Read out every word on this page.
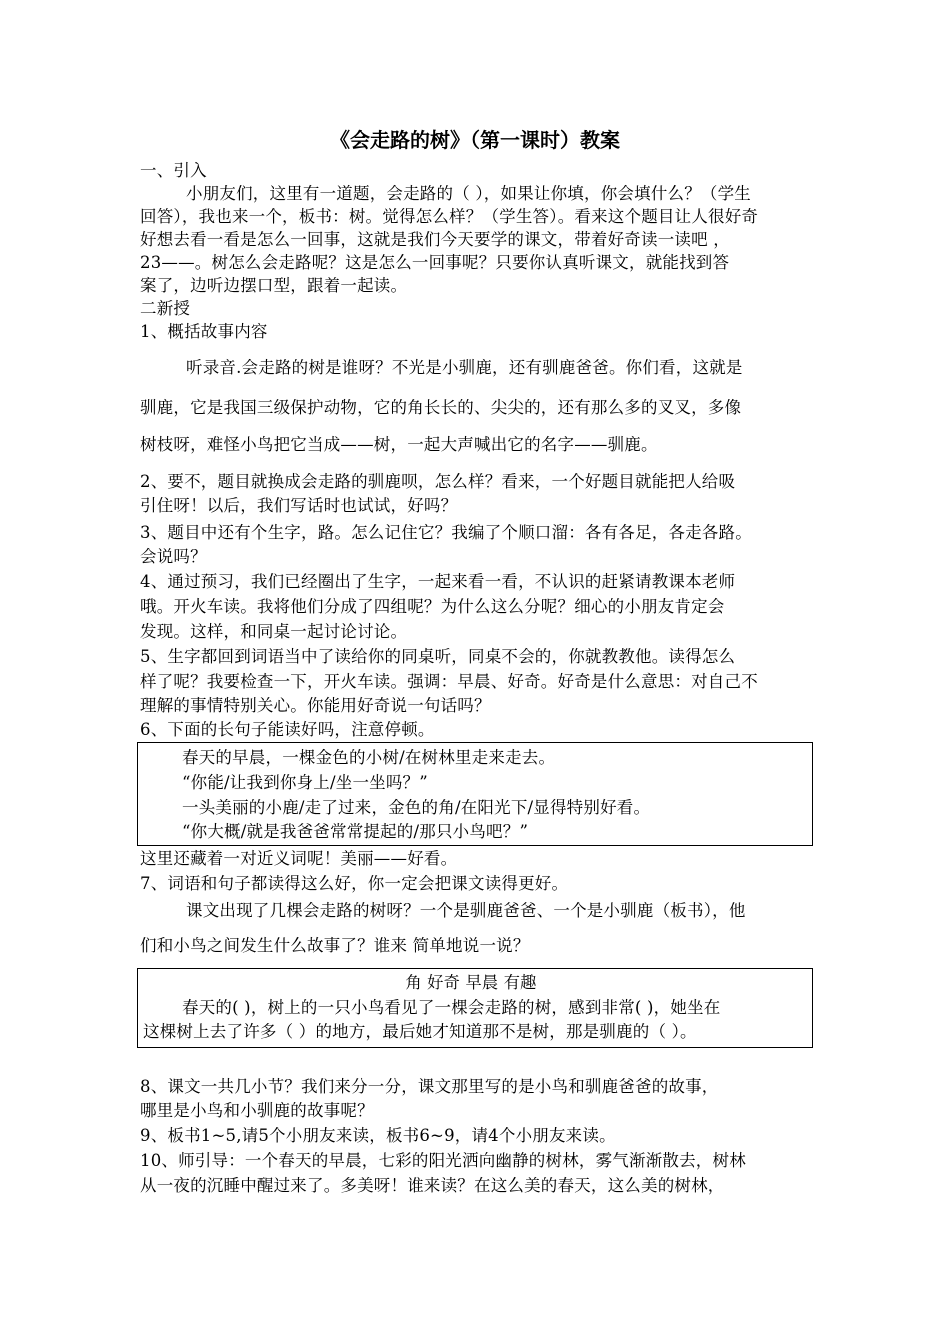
《会走路的树》（第一课时）教案
一、引入
小朋友们，这里有一道题，会走路的（ ），如果让你填，你会填什么？（学生
回答），我也来一个，板书：树。觉得怎么样？（学生答）。看来这个题目让人很好奇
好想去看一看是怎么一回事，这就是我们今天要学的课文，带着好奇读一读吧 ，
23——。树怎么会走路呢？这是怎么一回事呢？只要你认真听课文，就能找到答
案了，边听边摆口型，跟着一起读。
二新授
1、概括故事内容
听录音.会走路的树是谁呀？不光是小驯鹿，还有驯鹿爸爸。你们看，这就是
驯鹿，它是我国三级保护动物，它的角长长的、尖尖的，还有那么多的叉叉，多像
树枝呀，难怪小鸟把它当成——树，一起大声喊出它的名字——驯鹿。
2、要不，题目就换成会走路的驯鹿呗，怎么样？看来，一个好题目就能把人给吸
引住呀！以后，我们写话时也试试，好吗？
3、题目中还有个生字，路。怎么记住它？我编了个顺口溜：各有各足，各走各路。
会说吗？
4、通过预习，我们已经圈出了生字，一起来看一看，不认识的赶紧请教课本老师
哦。开火车读。我将他们分成了四组呢？为什么这么分呢？细心的小朋友肯定会
发现。这样，和同桌一起讨论讨论。
5、生字都回到词语当中了读给你的同桌听，同桌不会的，你就教教他。读得怎么
样了呢？我要检查一下，开火车读。强调：早晨、好奇。好奇是什么意思：对自己不
理解的事情特别关心。你能用好奇说一句话吗？
6、下面的长句子能读好吗，注意停顿。
春天的早晨，一棵金色的小树/在树林里走来走去。
“你能/让我到你身上/坐一坐吗？”
一头美丽的小鹿/走了过来，金色的角/在阳光下/显得特别好看。
“你大概/就是我爸爸常常提起的/那只小鸟吧？”
这里还藏着一对近义词呢！美丽——好看。
7、词语和句子都读得这么好，你一定会把课文读得更好。
课文出现了几棵会走路的树呀？一个是驯鹿爸爸、一个是小驯鹿（板书），他
们和小鸟之间发生什么故事了？谁来 简单地说一说？
角 好奇 早晨 有趣
春天的( )，树上的一只小鸟看见了一棵会走路的树，感到非常( )，她坐在
这棵树上去了许多（ ）的地方，最后她才知道那不是树，那是驯鹿的（ ）。
8、课文一共几小节？我们来分一分，课文那里写的是小鸟和驯鹿爸爸的故事，
哪里是小鸟和小驯鹿的故事呢？
9、板书1~5,请5个小朋友来读，板书6~9，请4个小朋友来读。
10、师引导：一个春天的早晨，七彩的阳光洒向幽静的树林，雾气渐渐散去，树林
从一夜的沉睡中醒过来了。多美呀！谁来读？在这么美的春天，这么美的树林，
